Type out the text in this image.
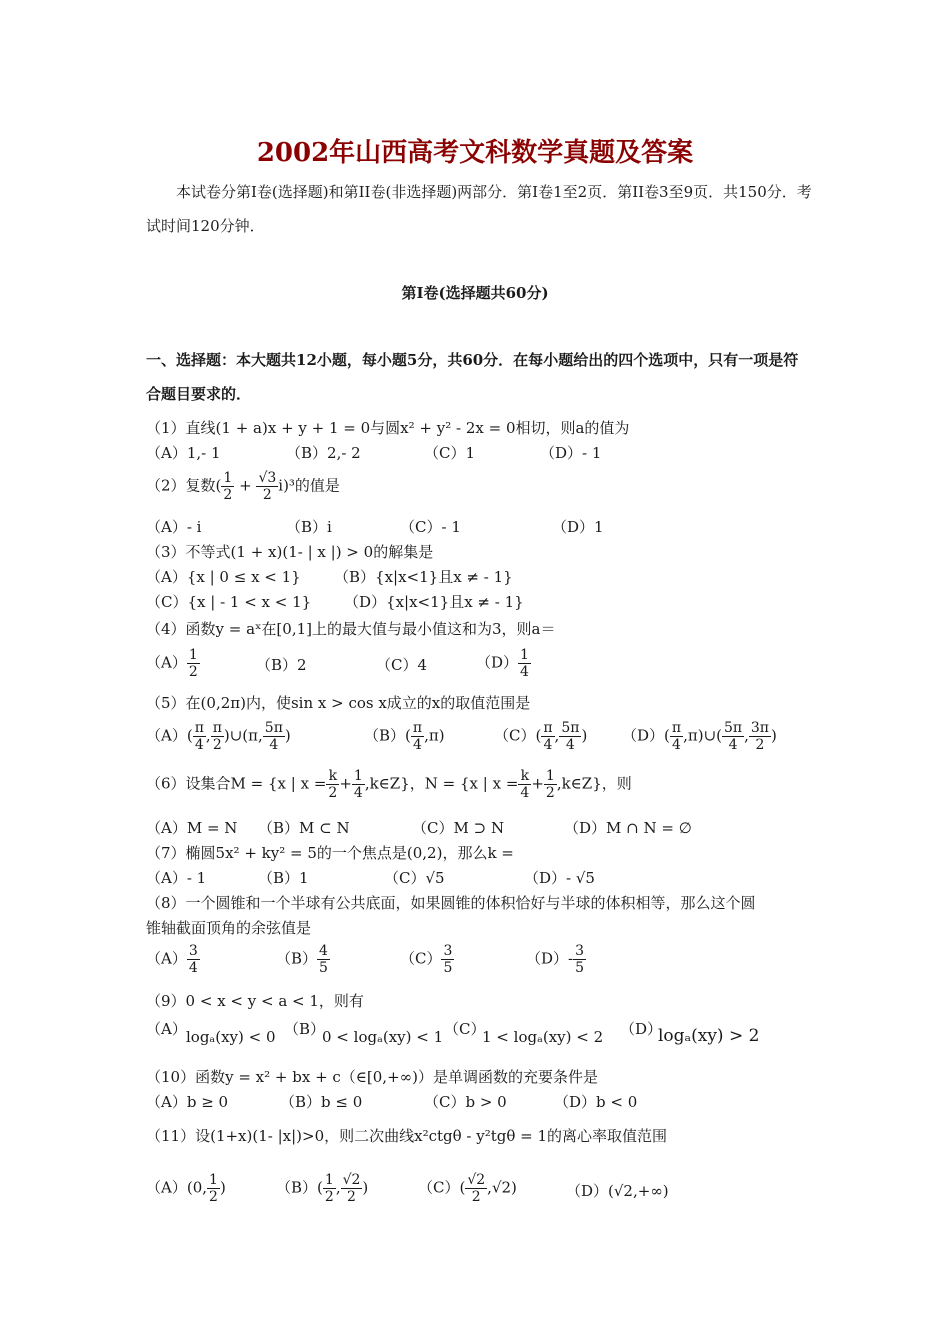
2002年山西高考文科数学真题及答案
本试卷分第I卷(选择题)和第II卷(非选择题)两部分．第I卷1至2页．第II卷3至9页．共150分．考试时间120分钟．
第I卷(选择题共60分)
一、选择题：本大题共12小题，每小题5分，共60分．在每小题给出的四个选项中，只有一项是符合题目要求的．
（1）直线(1 + a)x + y + 1 = 0与圆x² + y² - 2x = 0相切，则a的值为
（A）1,- 1	（B）2,- 2	（C）1	（D）- 1
（2）复数( $\frac{1}{2} + \frac{√3}{2} i)^3$的值是
（A）- i	（B）i	（C）- 1	（D）1
（3）不等式(1 + x)(1- | x |) > 0的解集是
（A）{x | 0 ≤ x < 1} （B）{x|x<1}且x ≠ - 1}
（C）{x | - 1 < x < 1} （D）{x|x<1}且x ≠ - 1}
（4）函数y = aˣ在[0,1]上的最大值与最小值这和为3，则a＝
$(A) \frac{1}{2}$	（B）2	（C）4	$(D) \frac{1}{4}$
（5）在(0,2π)内，使sin x > cos x成立的x的取值范围是
$(A)( \frac{\pi}{4}$ , $\frac{\pi}{2}$ )∪(π, $\frac{5\pi}{4}$ )	$(B)( \frac{\pi}{4} ,\pi)$	$(C)( \frac{\pi}{4}$ , $\frac{5\pi}{4}$ ) $(D)( \frac{\pi}{4}$ ,π)∪( $\frac{5\pi}{4}$ , $\frac{3\pi}{2}$ )
（6）设集合M = {x | $x = \frac{k}{2} + \frac{1}{4}$ ,k∈Z}，N = {x | $x = \frac{k}{4} + \frac{1}{2}$ ,k∈Z}，则
（A）M = N （B）M ⊂ N	（C）M ⊃ N	（D）M ∩ N = ∅
（7）椭圆5x² + ky² = 5的一个焦点是(0,2)，那么k =
（A）- 1	（B）1	（C）√5	（D）- √5
（8）一个圆锥和一个半球有公共底面，如果圆锥的体积恰好与半球的体积相等，那么这个圆
锥轴截面顶角的余弦值是
$(A) \frac{3}{4}$	$(B) \frac{4}{5}$	$(C) \frac{3}{5}$	$(D)- \frac{3}{5}$
（9）0 < x < y < a < 1，则有
（A） logₐ(xy) < 0 （B）
0 < logₐ(xy) < 1 （C）
1 < logₐ(xy) < 2 （D）
logₐ(xy) > 2
（10）函数y = x² + bx + c（∈[0,+∞)）是单调函数的充要条件是
（A）b ≥ 0	（B）b ≤ 0	（C）b > 0	（D）b < 0
（11）设(1+x)(1- |x|)>0，则二次曲线x²ctgθ - y²tgθ = 1的离心率取值范围
（A）(0, $\frac{1}{2}$ )	$(B)( \frac{1}{2}$ , $\frac{√2}{2}$ )	$(C)( \frac{√2}{2} ,√2)$	（D）(√2,+∞)
